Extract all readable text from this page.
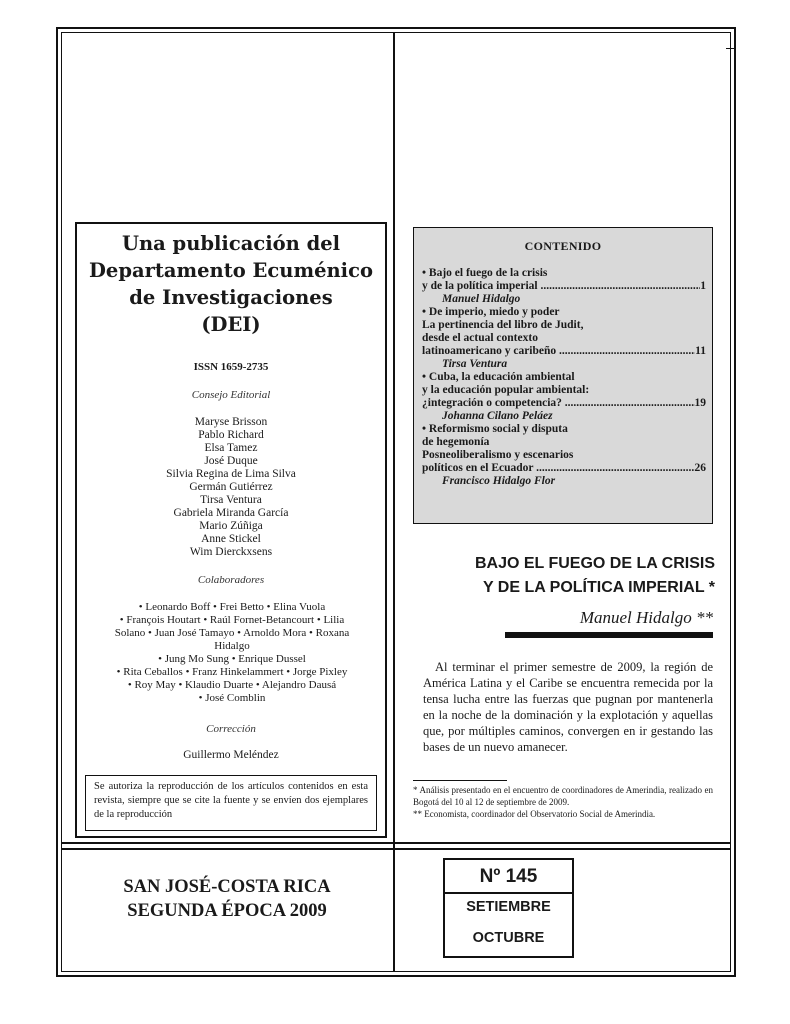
Una publicación del
Departamento Ecuménico
de Investigaciones
(DEI)
ISSN 1659-2735
Consejo Editorial
Maryse Brisson
Pablo Richard
Elsa Tamez
José Duque
Silvia Regina de Lima Silva
Germán Gutiérrez
Tirsa Ventura
Gabriela Miranda García
Mario Zúñiga
Anne Stickel
Wim Dierckxsens
Colaboradores
• Leonardo Boff • Frei Betto • Elina Vuola
• François Houtart • Raúl Fornet-Betancourt • Lilia
Solano • Juan José Tamayo • Arnoldo Mora • Roxana
Hidalgo
• Jung Mo Sung • Enrique Dussel
• Rita Ceballos • Franz Hinkelammert • Jorge Pixley
• Roy May • Klaudio Duarte • Alejandro Dausá
• José Comblin
Corrección
Guillermo Meléndez
Se autoriza la reproducción de los artículos contenidos en esta revista, siempre que se cite la fuente y se envíen dos ejemplares de la reproducción
CONTENIDO
• Bajo el fuego de la crisis
y de la política imperial .....	1
Manuel Hidalgo
• De imperio, miedo y poder
La pertinencia del libro de Judit,
desde el actual contexto
latinoamericano y caribeño .....	11
Tirsa Ventura
• Cuba, la educación ambiental
y la educación popular ambiental:
¿integración o competencia? .....	19
Johanna Cilano Peláez
• Reformismo social y disputa
de hegemonía
Posneoliberalismo y escenarios
políticos en el Ecuador .....	26
Francisco Hidalgo Flor
BAJO EL FUEGO DE LA CRISIS
Y DE LA POLÍTICA IMPERIAL *
Manuel Hidalgo **

Al terminar el primer semestre de 2009, la región de América Latina y el Caribe se encuentra remecida por la tensa lucha entre las fuerzas que pugnan por mantenerla en la noche de la dominación y la explotación y aquellas que, por múltiples caminos, convergen en ir gestando las bases de un nuevo amanecer.

* Análisis presentado en el encuentro de coordinadores de Amerindia, realizado en Bogotá del 10 al 12 de septiembre de 2009.
** Economista, coordinador del Observatorio Social de Amerindia.
SAN JOSÉ-COSTA RICA
SEGUNDA ÉPOCA 2009
Nº 145
SETIEMBRE
OCTUBRE
